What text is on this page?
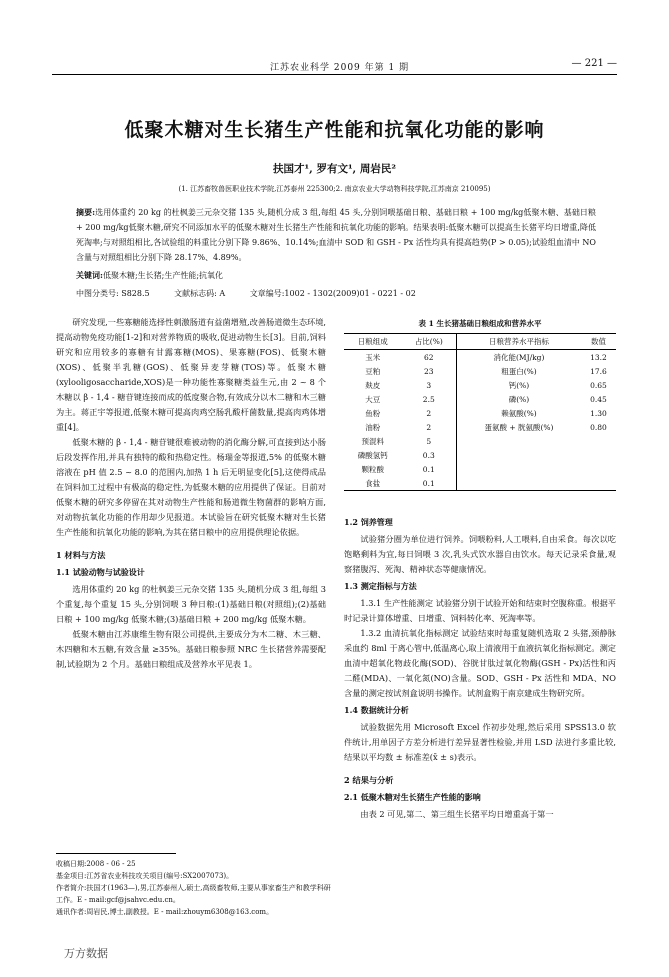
江苏农业科学 2009 年第 1 期	— 221 —
低聚木糖对生长猪生产性能和抗氧化功能的影响
扶国才¹, 罗有文¹, 周岩民²
(1. 江苏畜牧兽医职业技术学院,江苏泰州 225300;2. 南京农业大学动物科技学院,江苏南京 210095)
摘要:选用体重约 20 kg 的杜枫姜三元杂交猪 135 头,随机分成 3 组,每组 45 头,分别饲喂基础日粮、基础日粮 + 100 mg/kg低聚木糖、基础日粮 + 200 mg/kg低聚木糖,研究不同添加水平的低聚木糖对生长猪生产性能和抗氧化功能的影响。结果表明:低聚木糖可以提高生长猪平均日增重,降低死淘率;与对照组相比,各试验组的料重比分别下降 9.86%、10.14%;血清中 SOD 和 GSH - Px 活性均具有提高趋势(P > 0.05);试验组血清中 NO 含量与对照组相比分别下降 28.17%、4.89%。
关键词:低聚木糖;生长猪;生产性能;抗氧化
中图分类号: S828.5	文献标志码: A	文章编号:1002 - 1302(2009)01 - 0221 - 02

研究发现,一些寡糖能选择性刺激肠道有益菌增殖,改善肠道微生态环境,提高动物免疫功能[1-2]和对营养物质的吸收,促进动物生长[3]。目前,饲料研究和应用较多的寡糖有甘露寡糖(MOS)、果寡糖(FOS)、低聚木糖(XOS)、低聚半乳糖(GOS)、低聚异麦芽糖(TOS)等。低聚木糖(xylooligosaccharide,XOS)是一种功能性寡聚糖类益生元,由 2 ~ 8 个木糖以 β - 1,4 - 糖苷键连接而成的低度聚合物,有效成分以木二糖和木三糖为主。蒋正宇等报道,低聚木糖可提高肉鸡空肠乳酸杆菌数量,提高肉鸡体增重[4]。

低聚木糖的 β - 1,4 - 糖苷键很难被动物的消化酶分解,可直接到达小肠后段发挥作用,并具有独特的酸和热稳定性。杨瑞金等报道,5% 的低聚木糖溶液在 pH 值 2.5 ~ 8.0 的范围内,加热 1 h 后无明显变化[5],这使得成品在饲料加工过程中有极高的稳定性,为低聚木糖的应用提供了保证。目前对低聚木糖的研究多停留在其对动物生产性能和肠道微生物菌群的影响方面,对动物抗氧化功能的作用却少见报道。本试验旨在研究低聚木糖对生长猪生产性能和抗氧化功能的影响,为其在猪日粮中的应用提供理论依据。

1 材料与方法
1.1 试验动物与试验设计

选用体重约 20 kg 的杜枫姜三元杂交猪 135 头,随机分成 3 组,每组 3 个重复,每个重复 15 头,分别饲喂 3 种日粮:(1)基础日粮(对照组);(2)基础日粮 + 100 mg/kg 低聚木糖;(3)基础日粮 + 200 mg/kg 低聚木糖。

低聚木糖由江苏康维生物有限公司提供,主要成分为木二糖、木三糖、木四糖和木五糖,有效含量 ≥35%。基础日粮参照 NRC 生长猪营养需要配制,试验期为 2 个月。基础日粮组成及营养水平见表 1。

表 1 生长猪基础日粮组成和营养水平
日粮组成	占比(%)	日粮营养水平指标	数值
玉米	62	消化能(MJ/kg)	13.2
豆粕	23	粗蛋白(%)	17.6
麸皮	3	钙(%)	0.65
大豆	2.5	磷(%)	0.45
鱼粉	2	赖氨酸(%)	1.30
油粉	2	蛋氨酸 + 胱氨酸(%)	0.80
预混料	5		
磷酸氢钙	0.3		
颗粒酸	0.1		
食盐	0.1		
1.2 饲养管理

试验猪分圈为单位进行饲养。饲喂粉料,人工喂料,自由采食。每次以吃饱略剩料为宜,每日饲喂 3 次,乳头式饮水器自由饮水。每天记录采食量,观察猪腹泻、死淘、精神状态等健康情况。

1.3 测定指标与方法

1.3.1 生产性能测定 试验猪分别于试验开始和结束时空腹称重。根据平时记录计算体增重、日增重、饲料转化率、死淘率等。

1.3.2 血清抗氧化指标测定 试验结束时每重复随机选取 2 头猪,颈静脉采血约 8ml 于离心管中,低温离心,取上清液用于血液抗氧化指标测定。测定血清中超氧化物歧化酶(SOD)、谷胱甘肽过氧化物酶(GSH - Px)活性和丙二醛(MDA)、一氧化氮(NO)含量。SOD、GSH - Px 活性和 MDA、NO 含量的测定按试剂盒说明书操作。试剂盒购于南京建成生物研究所。

1.4 数据统计分析

试验数据先用 Microsoft Excel 作初步处理,然后采用 SPSS13.0 软件统计,用单因子方差分析进行差异显著性检验,并用 LSD 法进行多重比较,结果以平均数 ± 标准差(x̄ ± s)表示。

2 结果与分析
2.1 低聚木糖对生长猪生产性能的影响

由表 2 可见,第二、第三组生长猪平均日增重高于第一

收稿日期:2008 - 06 - 25
基金项目:江苏省农业科技攻关项目(编号:SX2007073)。
作者简介:扶国才(1963—),男,江苏泰州人,硕士,高级畜牧师,主要从事家畜生产和教学科研工作。E - mail:gcf@jsahvc.edu.cn。
通讯作者:周岩民,博士,副教授。E - mail:zhouym6308@163.com。
万方数据
